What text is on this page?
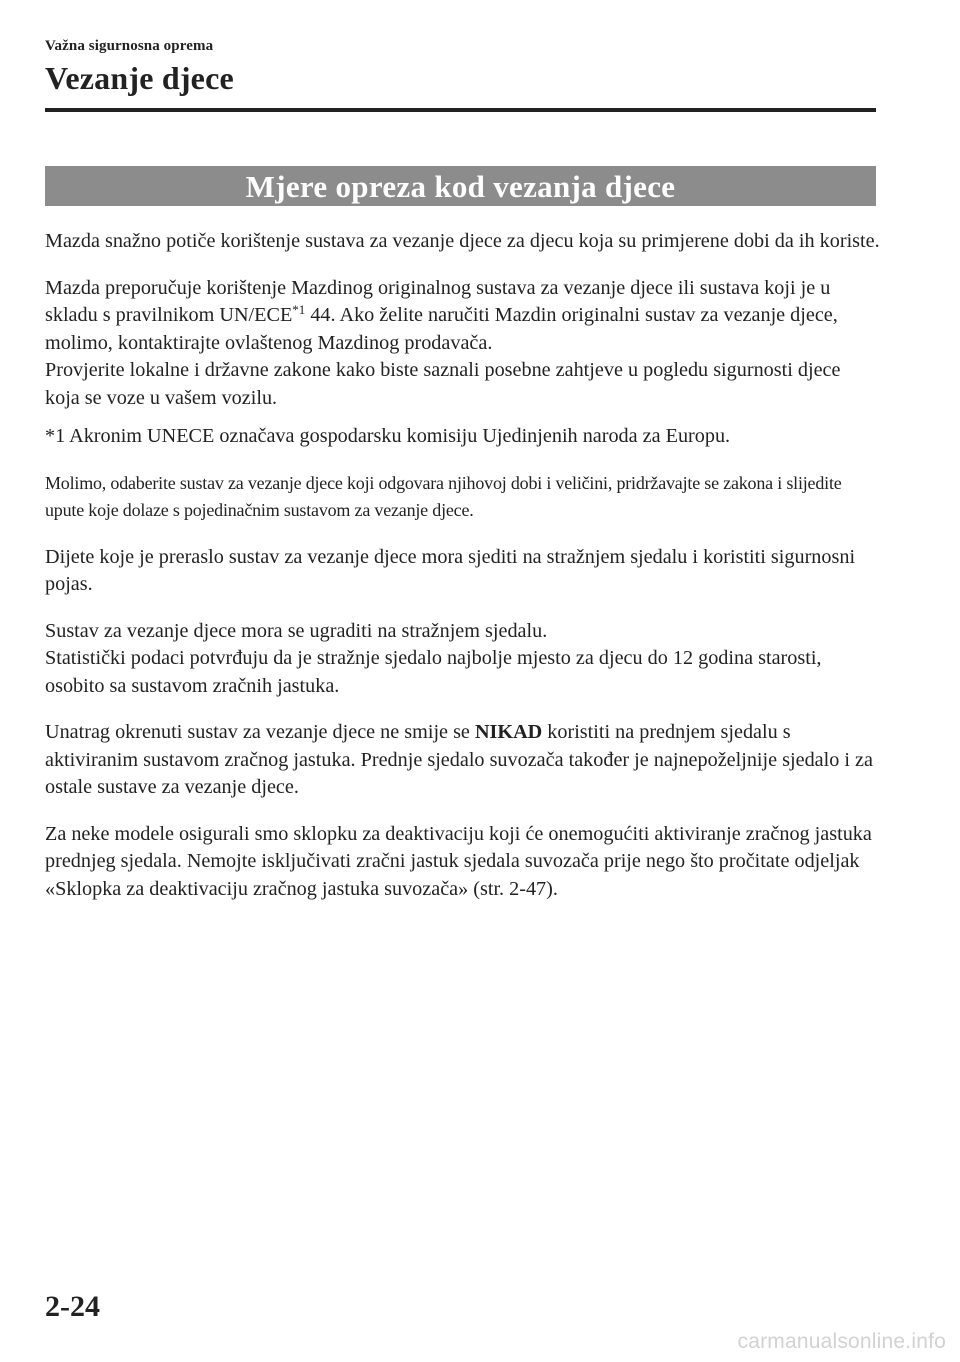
Važna sigurnosna oprema
Vezanje djece
Mjere opreza kod vezanja djece

Mazda snažno potiče korištenje sustava za vezanje djece za djecu koja su primjerene dobi da ih koriste.

Mazda preporučuje korištenje Mazdinog originalnog sustava za vezanje djece ili sustava koji je u skladu s pravilnikom UN/ECE$^{*1}$ 44. Ako želite naručiti Mazdin originalni sustav za vezanje djece, molimo, kontaktirajte ovlaštenog Mazdinog prodavača.

Provjerite lokalne i državne zakone kako biste saznali posebne zahtjeve u pogledu sigurnosti djece koja se voze u vašem vozilu.

*1 Akronim UNECE označava gospodarsku komisiju Ujedinjenih naroda za Europu.

Molimo, odaberite sustav za vezanje djece koji odgovara njihovoj dobi i veličini, pridržavajte se zakona i slijedite upute koje dolaze s pojedinačnim sustavom za vezanje djece.

Dijete koje je preraslo sustav za vezanje djece mora sjediti na stražnjem sjedalu i koristiti sigurnosni pojas.

Sustav za vezanje djece mora se ugraditi na stražnjem sjedalu.

Statistički podaci potvrđuju da je stražnje sjedalo najbolje mjesto za djecu do 12 godina starosti, osobito sa sustavom zračnih jastuka.

Unatrag okrenuti sustav za vezanje djece ne smije se NIKAD koristiti na prednjem sjedalu s aktiviranim sustavom zračnog jastuka. Prednje sjedalo suvozača također je najnepoželjnije sjedalo i za ostale sustave za vezanje djece.

Za neke modele osigurali smo sklopku za deaktivaciju koji će onemogućiti aktiviranje zračnog jastuka prednjeg sjedala. Nemojte isključivati zračni jastuk sjedala suvozača prije nego što pročitate odjeljak «Sklopka za deaktivaciju zračnog jastuka suvozača» (str. 2-47).

2-24
carmanualsonline.info
